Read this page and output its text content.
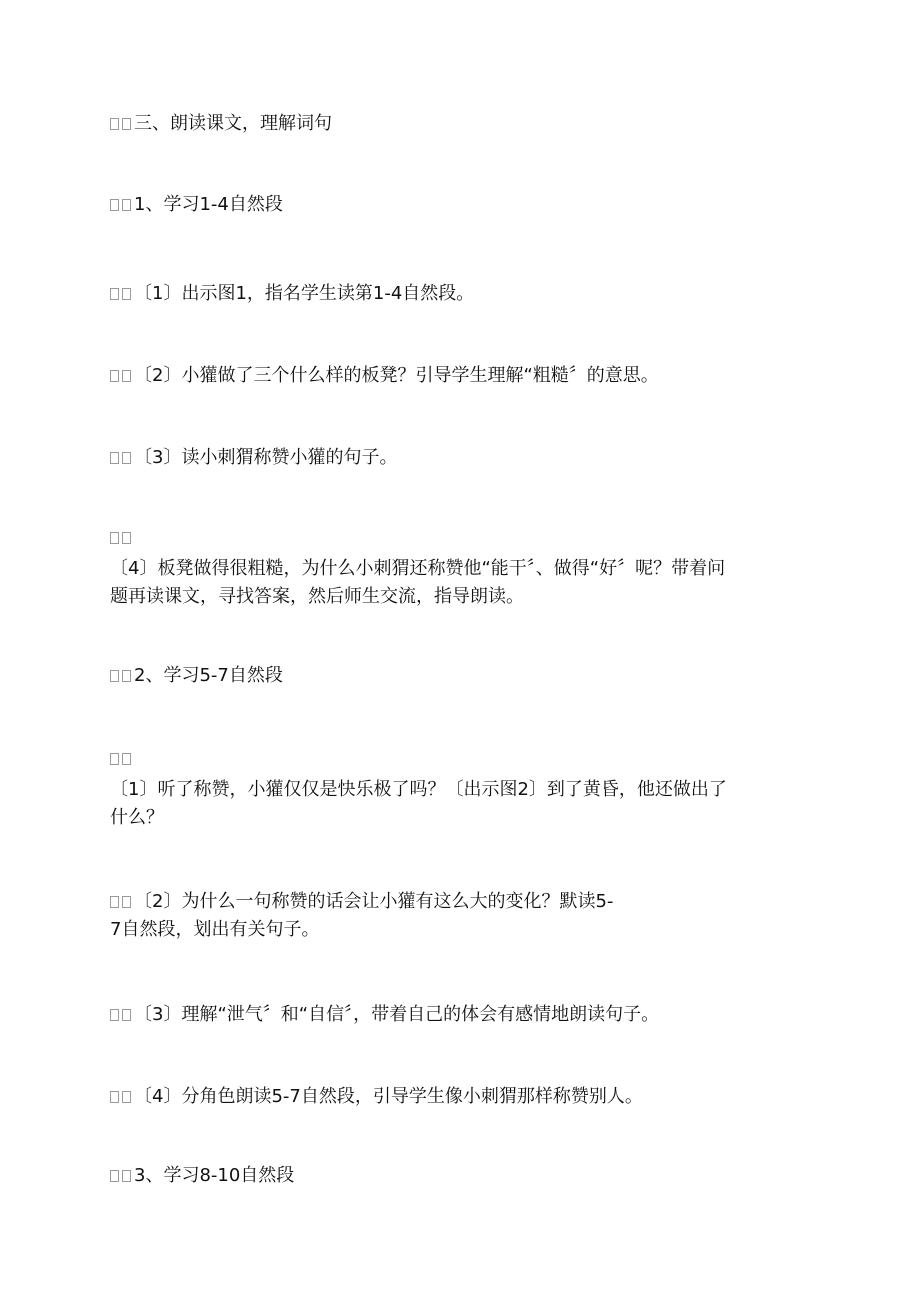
三、朗读课文，理解词句
1、学习1-4自然段
〔1〕出示图1，指名学生读第1-4自然段。
〔2〕小獾做了三个什么样的板凳？引导学生理解“粗糙〞的意思。
〔3〕读小刺猬称赞小獾的句子。
〔4〕板凳做得很粗糙，为什么小刺猬还称赞他“能干〞、做得“好〞呢？带着问
题再读课文，寻找答案，然后师生交流，指导朗读。
2、学习5-7自然段
〔1〕听了称赞，小獾仅仅是快乐极了吗？〔出示图2〕到了黄昏，他还做出了
什么？
〔2〕为什么一句称赞的话会让小獾有这么大的变化？默读5-
7自然段，划出有关句子。
〔3〕理解“泄气〞和“自信〞，带着自己的体会有感情地朗读句子。
〔4〕分角色朗读5-7自然段，引导学生像小刺猬那样称赞别人。
3、学习8-10自然段
